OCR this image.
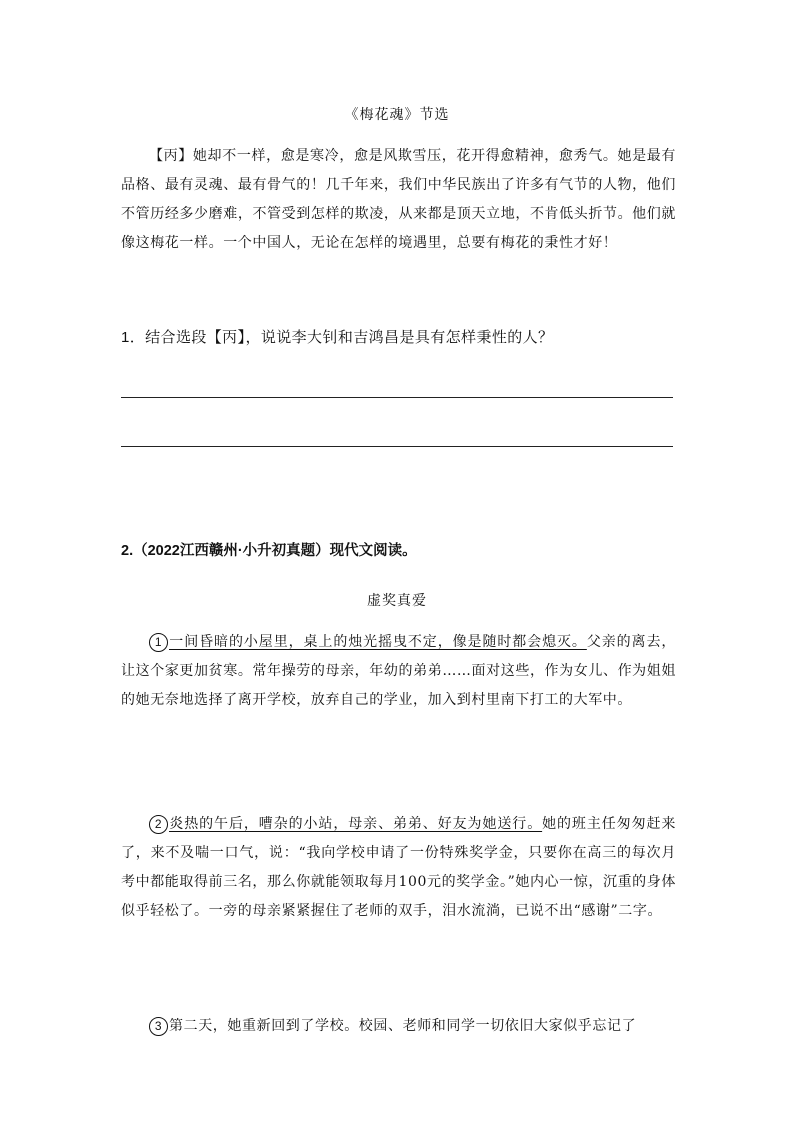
《梅花魂》节选
【丙】她却不一样，愈是寒冷，愈是风欺雪压，花开得愈精神，愈秀气。她是最有品格、最有灵魂、最有骨气的！几千年来，我们中华民族出了许多有气节的人物，他们不管历经多少磨难，不管受到怎样的欺凌，从来都是顶天立地，不肯低头折节。他们就像这梅花一样。一个中国人，无论在怎样的境遇里，总要有梅花的秉性才好！
1．结合选段【丙】，说说李大钊和吉鸿昌是具有怎样秉性的人？
2.（2022江西赣州·小升初真题）现代文阅读。
虚奖真爱
1 一间昏暗的小屋里，桌上的烛光摇曳不定，像是随时都会熄灭。父亲的离去，让这个家更加贫寒。常年操劳的母亲，年幼的弟弟……面对这些，作为女儿、作为姐姐的她无奈地选择了离开学校，放弃自己的学业，加入到村里南下打工的大军中。
2 炎热的午后，嘈杂的小站，母亲、弟弟、好友为她送行。她的班主任匆匆赶来了，来不及喘一口气，说：“我向学校申请了一份特殊奖学金，只要你在高三的每次月考中都能取得前三名，那么你就能领取每月100元的奖学金。”她内心一惊，沉重的身体似乎轻松了。一旁的母亲紧紧握住了老师的双手，泪水流淌，已说不出“感谢”二字。
3 第二天，她重新回到了学校。校园、老师和同学一切依旧大家似乎忘记了
